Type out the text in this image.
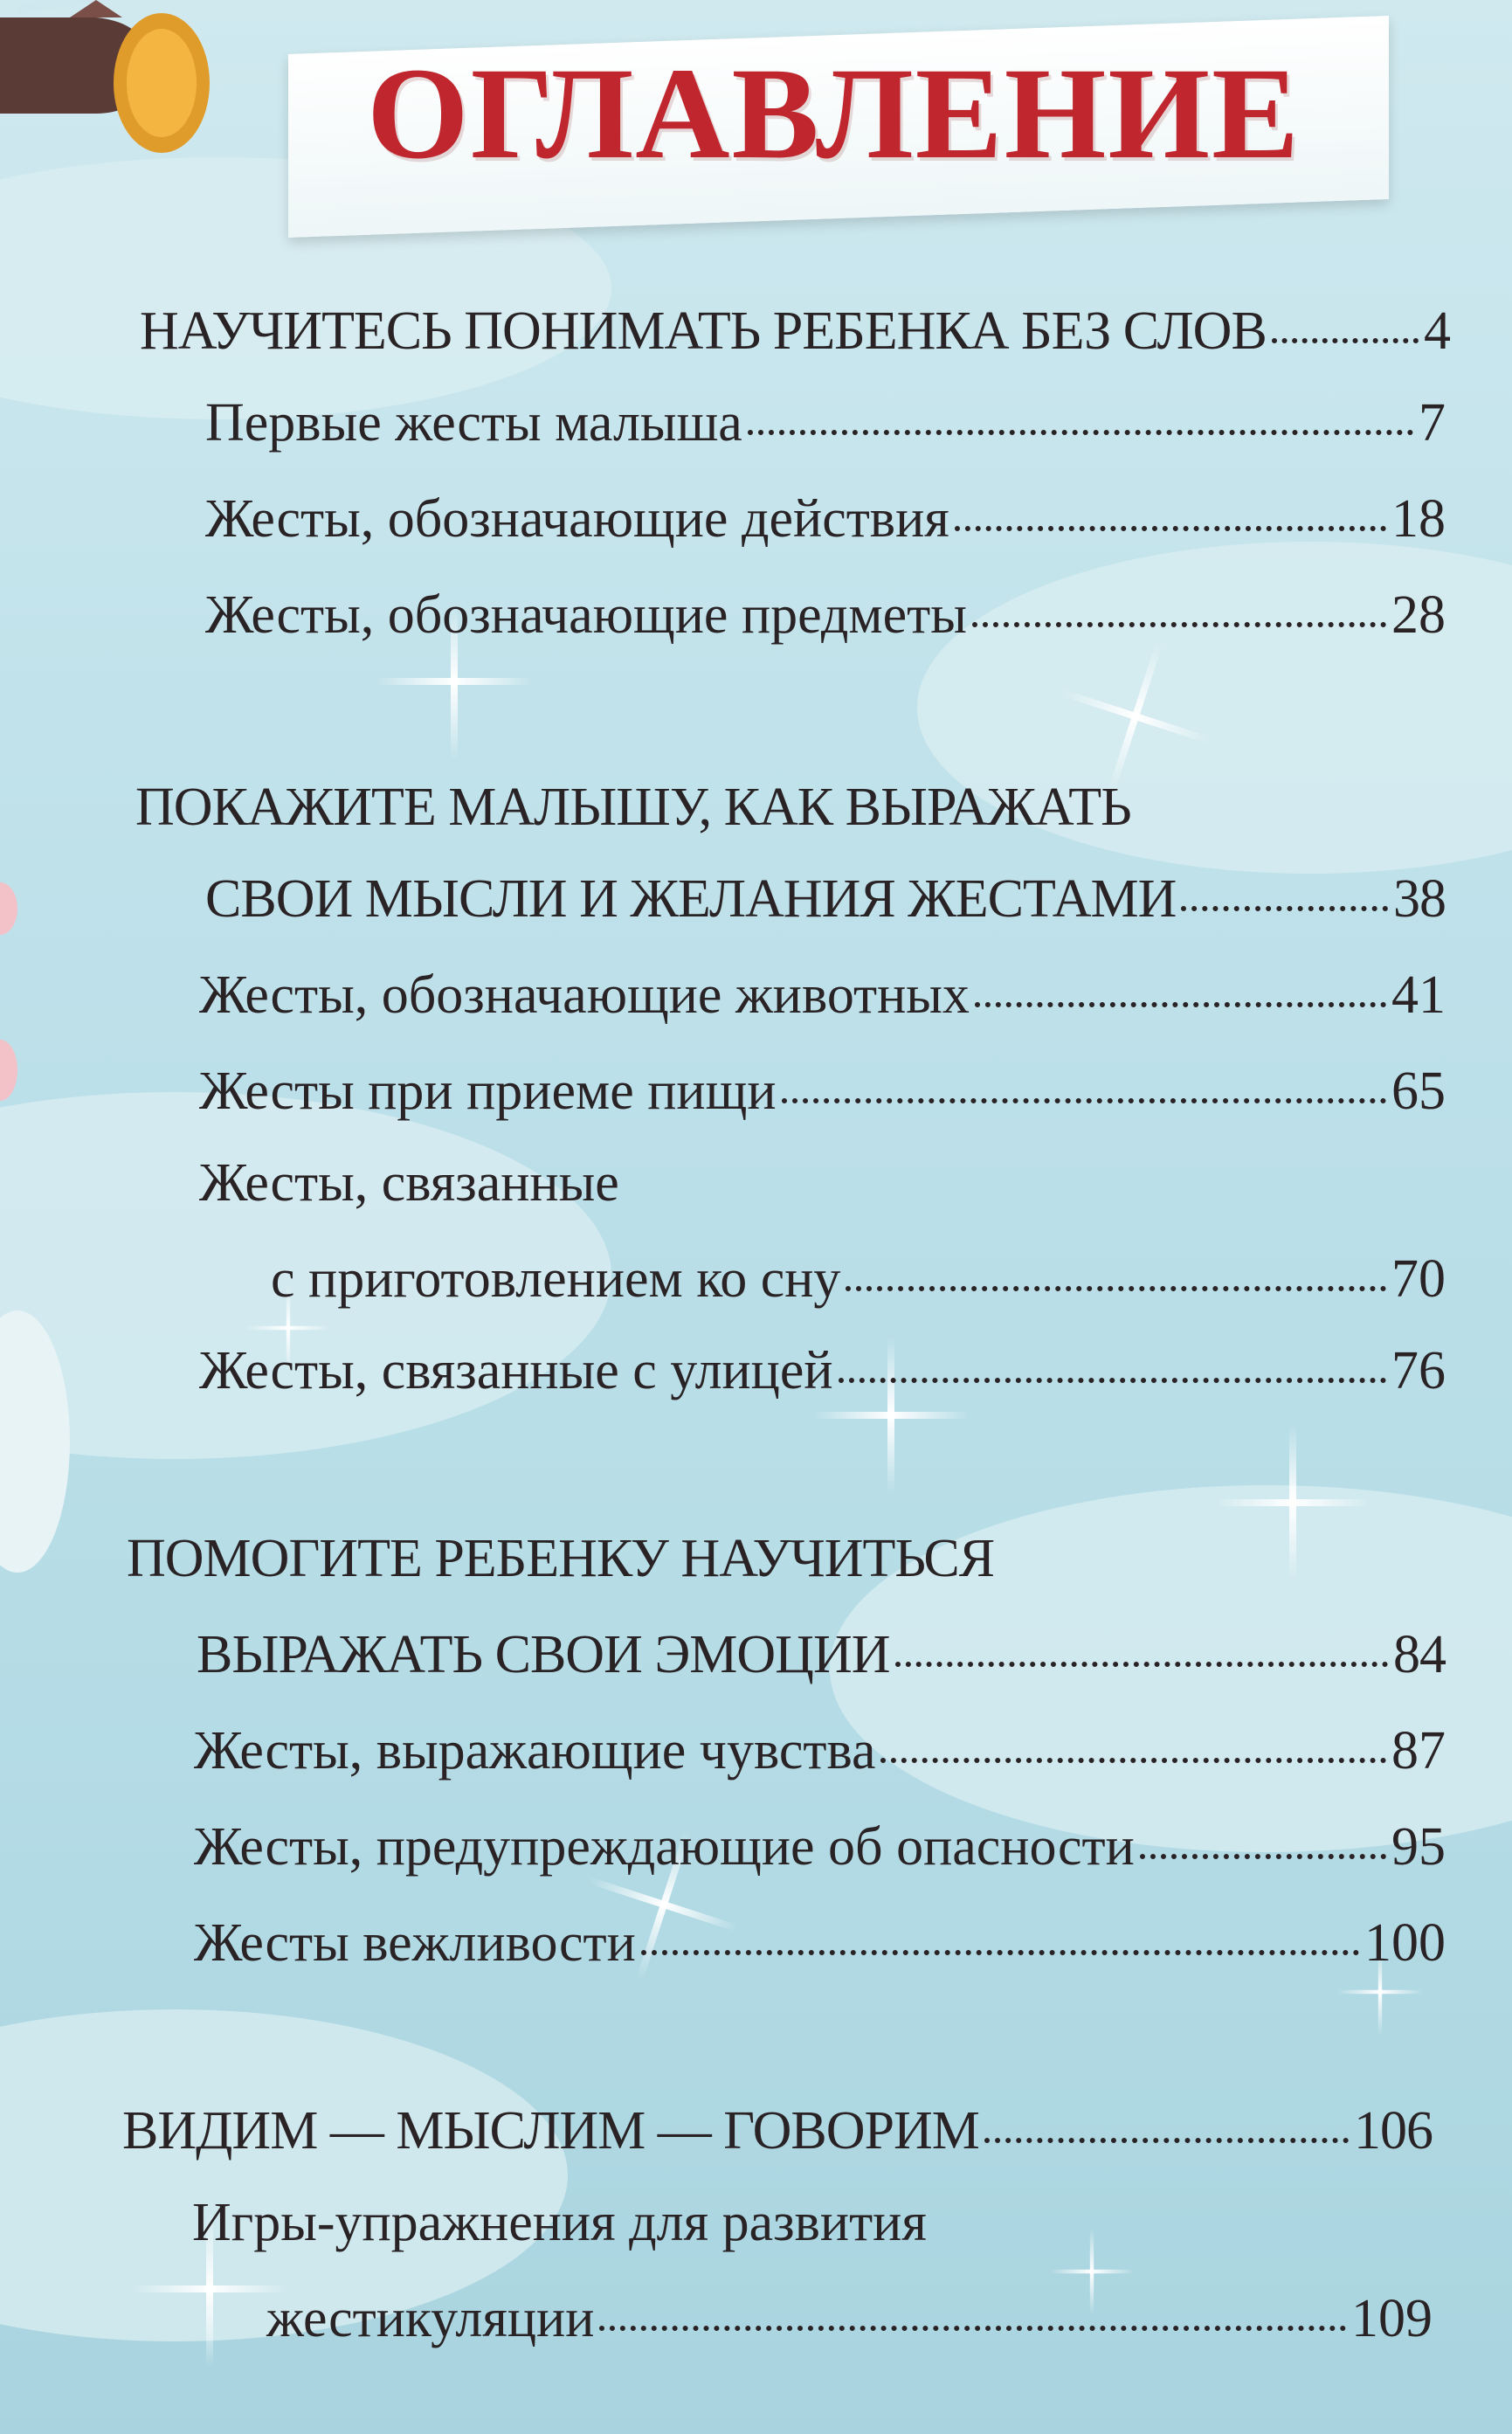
ОГЛАВЛЕНИЕ
НАУЧИТЕСЬ ПОНИМАТЬ РЕБЕНКА БЕЗ СЛОВ	4
Первые жесты малыша	7
Жесты, обозначающие действия	18
Жесты, обозначающие предметы	28
ПОКАЖИТЕ МАЛЫШУ, КАК ВЫРАЖАТЬ
СВОИ МЫСЛИ И ЖЕЛАНИЯ ЖЕСТАМИ	38
Жесты, обозначающие животных	41
Жесты при приеме пищи	65
Жесты, связанные
с приготовлением ко сну	70
Жесты, связанные с улицей	76
ПОМОГИТЕ РЕБЕНКУ НАУЧИТЬСЯ
ВЫРАЖАТЬ СВОИ ЭМОЦИИ	84
Жесты, выражающие чувства	87
Жесты, предупреждающие об опасности	95
Жесты вежливости	100
ВИДИМ — МЫСЛИМ — ГОВОРИМ	106
Игры-упражнения для развития
жестикуляции	109
